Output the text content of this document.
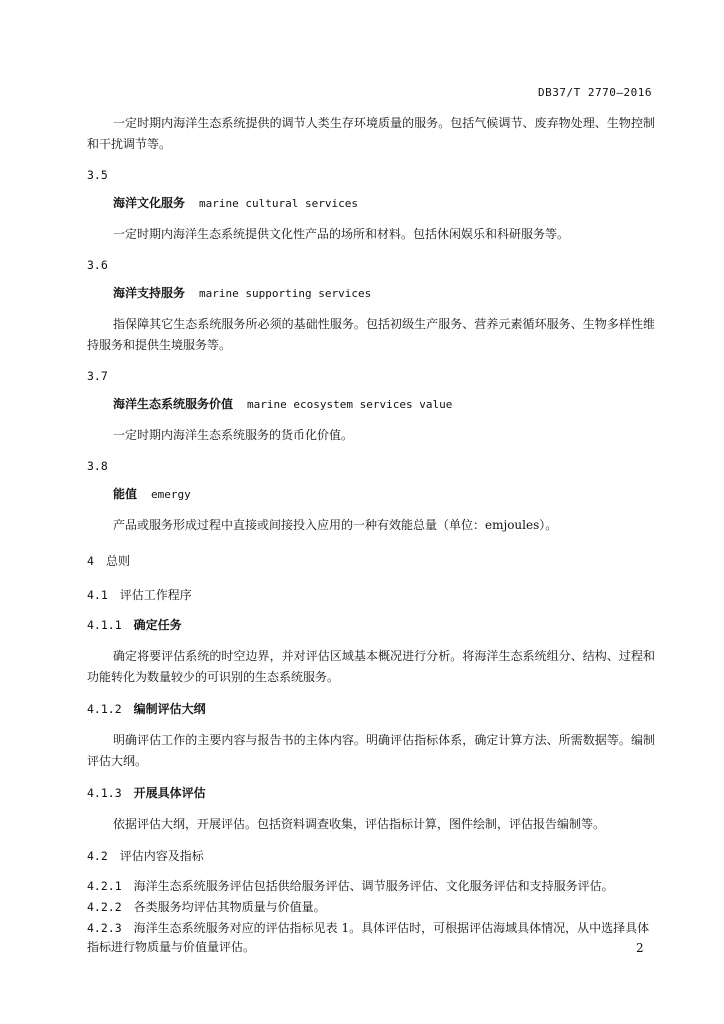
DB37/T 2770—2016

一定时期内海洋生态系统提供的调节人类生存环境质量的服务。包括气候调节、废弃物处理、生物控制和干扰调节等。

3.5
海洋文化服务 marine cultural services

一定时期内海洋生态系统提供文化性产品的场所和材料。包括休闲娱乐和科研服务等。

3.6
海洋支持服务 marine supporting services

指保障其它生态系统服务所必须的基础性服务。包括初级生产服务、营养元素循环服务、生物多样性维持服务和提供生境服务等。

3.7
海洋生态系统服务价值 marine ecosystem services value

一定时期内海洋生态系统服务的货币化价值。

3.8
能值 emergy

产品或服务形成过程中直接或间接投入应用的一种有效能总量（单位：emjoules）。

4 总则
4.1 评估工作程序
4.1.1 确定任务

确定将要评估系统的时空边界，并对评估区域基本概况进行分析。将海洋生态系统组分、结构、过程和功能转化为数量较少的可识别的生态系统服务。

4.1.2 编制评估大纲

明确评估工作的主要内容与报告书的主体内容。明确评估指标体系，确定计算方法、所需数据等。编制评估大纲。

4.1.3 开展具体评估

依据评估大纲，开展评估。包括资料调查收集，评估指标计算，图件绘制，评估报告编制等。

4.2 评估内容及指标
4.2.1 海洋生态系统服务评估包括供给服务评估、调节服务评估、文化服务评估和支持服务评估。
4.2.2 各类服务均评估其物质量与价值量。
4.2.3 海洋生态系统服务对应的评估指标见表 1。具体评估时，可根据评估海域具体情况，从中选择具体指标进行物质量与价值量评估。	2
